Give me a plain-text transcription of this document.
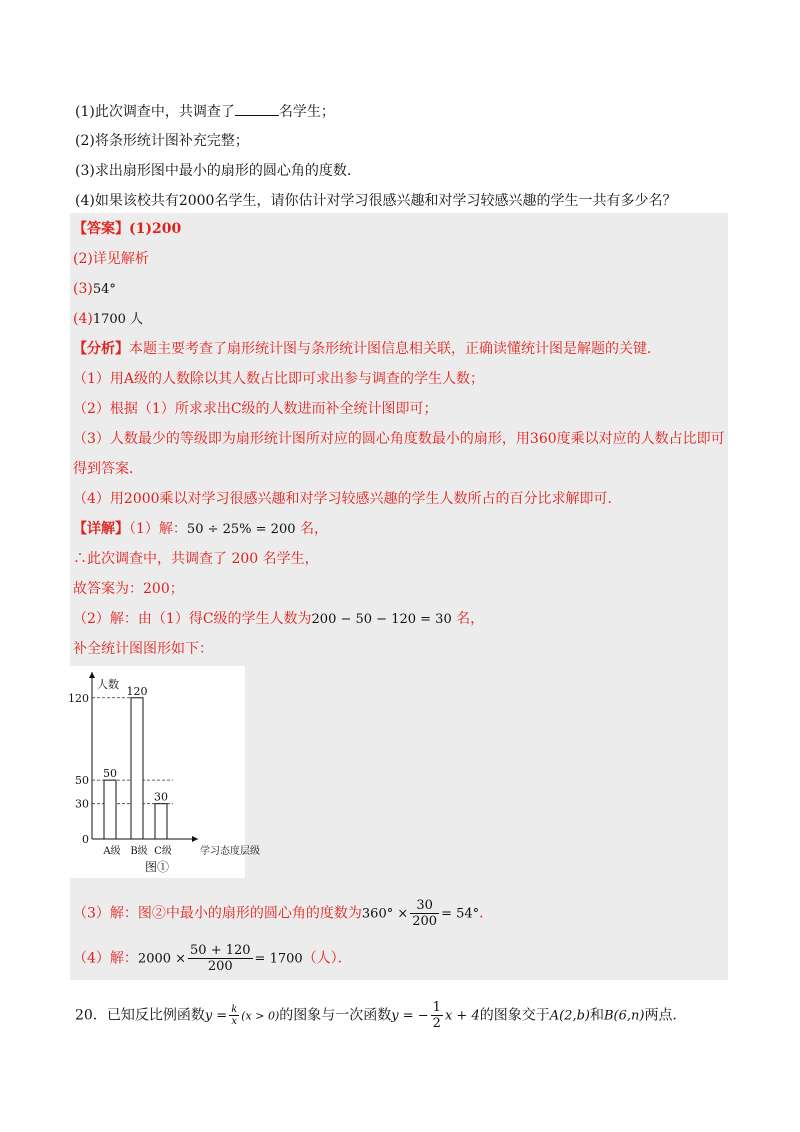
(1)此次调查中，共调查了	名学生；
(2)将条形统计图补充完整；
(3)求出扇形图中最小的扇形的圆心角的度数．
(4)如果该校共有2000名学生，请你估计对学习很感兴趣和对学习较感兴趣的学生一共有多少名？
【答案】(1)200
(2)详见解析
(3)54°
(4)1700 人
【分析】本题主要考查了扇形统计图与条形统计图信息相关联，正确读懂统计图是解题的关键．
（1）用A级的人数除以其人数占比即可求出参与调查的学生人数；
（2）根据（1）所求求出C级的人数进而补全统计图即可；
（3）人数最少的等级即为扇形统计图所对应的圆心角度数最小的扇形，用360度乘以对应的人数占比即可
得到答案．
（4）用2000乘以对学习很感兴趣和对学习较感兴趣的学生人数所占的百分比求解即可．
【详解】（1）解：50 ÷ 25% = 200 名，
∴此次调查中，共调查了 200 名学生，
故答案为：200；
（2）解：由（1）得C级的学生人数为200 − 50 − 120 = 30 名，
补全统计图图形如下：
人数
0
30
50
120
50
A级
120
B级
30
C级	学习态度层级
图①
（3）解：图②中最小的扇形的圆心角的度数为$360^\circ \times \frac{30}{200} = 54^\circ$．
（4）解：$2000 \times \frac{50 + 120}{200} = 1700$（人）．
20．已知反比例函数$y = \frac{k}{x} (x > 0)$的图象与一次函数y = − $\frac{1}{2}$ x + 4的图象交于A(2,b)和B(6,n)两点．
